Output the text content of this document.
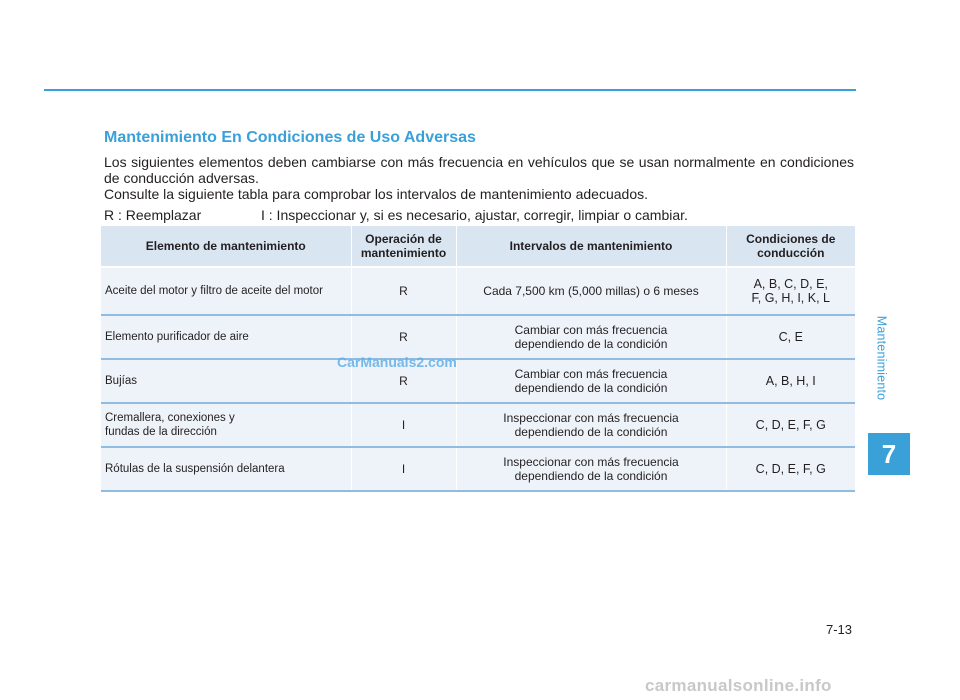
Mantenimiento En Condiciones de Uso Adversas

Los siguientes elementos deben cambiarse con más frecuencia en vehículos que se usan normalmente en condiciones de conducción adversas.

Consulte la siguiente tabla para comprobar los intervalos de mantenimiento adecuados.

R : Reemplazar	I : Inspeccionar y, si es necesario, ajustar, corregir, limpiar o cambiar.
Elemento de mantenimiento	Operación de mantenimiento	Intervalos de mantenimiento	Condiciones de conducción
Aceite del motor y filtro de aceite del motor	R	Cada 7,500 km (5,000 millas) o 6 meses	A, B, C, D, E,
F, G, H, I, K, L
Elemento purificador de aire	R	Cambiar con más frecuencia
dependiendo de la condición	C, E
Bujías	R	Cambiar con más frecuencia
dependiendo de la condición	A, B, H, I
Cremallera, conexiones y
fundas de la dirección	I	Inspeccionar con más frecuencia
dependiendo de la condición	C, D, E, F, G
Rótulas de la suspensión delantera	I	Inspeccionar con más frecuencia
dependiendo de la condición	C, D, E, F, G
CarManuals2.com	Mantenimiento
7
7-13
carmanualsonline.info
